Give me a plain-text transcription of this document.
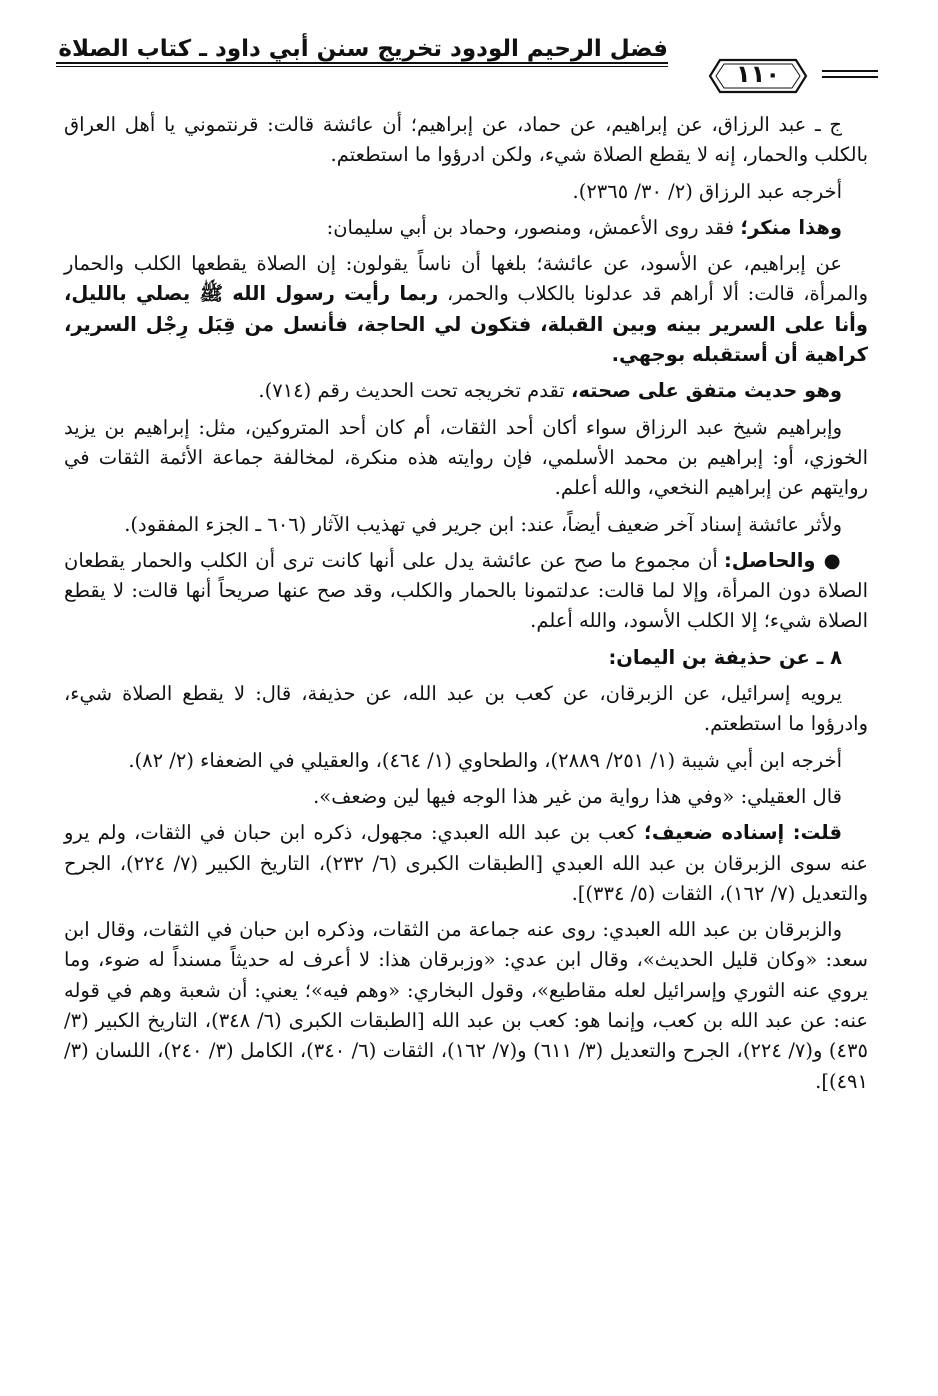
فضل الرحيم الودود تخريج سنن أبي داود ـ كتاب الصلاة
١١٠

ج ـ عبد الرزاق، عن إبراهيم، عن حماد، عن إبراهيم؛ أن عائشة قالت: قرنتموني يا أهل العراق بالكلب والحمار، إنه لا يقطع الصلاة شيء، ولكن ادرؤوا ما استطعتم.

أخرجه عبد الرزاق (٢/ ٣٠/ ٢٣٦٥).

وهذا منكر؛ فقد روى الأعمش، ومنصور، وحماد بن أبي سليمان:

عن إبراهيم، عن الأسود، عن عائشة؛ بلغها أن ناساً يقولون: إن الصلاة يقطعها الكلب والحمار والمرأة، قالت: ألا أراهم قد عدلونا بالكلاب والحمر، ربما رأيت رسول الله ﷺ يصلي بالليل، وأنا على السرير بينه وبين القبلة، فتكون لي الحاجة، فأنسل من قِبَل رِجْل السرير، كراهية أن أستقبله بوجهي.

وهو حديث متفق على صحته، تقدم تخريجه تحت الحديث رقم (٧١٤).

وإبراهيم شيخ عبد الرزاق سواء أكان أحد الثقات، أم كان أحد المتروكين، مثل: إبراهيم بن يزيد الخوزي، أو: إبراهيم بن محمد الأسلمي، فإن روايته هذه منكرة، لمخالفة جماعة الأئمة الثقات في روايتهم عن إبراهيم النخعي، والله أعلم.

ولأثر عائشة إسناد آخر ضعيف أيضاً، عند: ابن جرير في تهذيب الآثار (٦٠٦ ـ الجزء المفقود).

● والحاصل: أن مجموع ما صح عن عائشة يدل على أنها كانت ترى أن الكلب والحمار يقطعان الصلاة دون المرأة، وإلا لما قالت: عدلتمونا بالحمار والكلب، وقد صح عنها صريحاً أنها قالت: لا يقطع الصلاة شيء؛ إلا الكلب الأسود، والله أعلم.

٨ ـ عن حذيفة بن اليمان:

يرويه إسرائيل، عن الزبرقان، عن كعب بن عبد الله، عن حذيفة، قال: لا يقطع الصلاة شيء، وادرؤوا ما استطعتم.

أخرجه ابن أبي شيبة (١/ ٢٥١/ ٢٨٨٩)، والطحاوي (١/ ٤٦٤)، والعقيلي في الضعفاء (٢/ ٨٢).

قال العقيلي: «وفي هذا رواية من غير هذا الوجه فيها لين وضعف».

قلت: إسناده ضعيف؛ كعب بن عبد الله العبدي: مجهول، ذكره ابن حبان في الثقات، ولم يرو عنه سوى الزبرقان بن عبد الله العبدي [الطبقات الكبرى (٦/ ٢٣٢)، التاريخ الكبير (٧/ ٢٢٤)، الجرح والتعديل (٧/ ١٦٢)، الثقات (٥/ ٣٣٤)].

والزبرقان بن عبد الله العبدي: روى عنه جماعة من الثقات، وذكره ابن حبان في الثقات، وقال ابن سعد: «وكان قليل الحديث»، وقال ابن عدي: «وزبرقان هذا: لا أعرف له حديثاً مسنداً له ضوء، وما يروي عنه الثوري وإسرائيل لعله مقاطيع»، وقول البخاري: «وهم فيه»؛ يعني: أن شعبة وهم في قوله عنه: عن عبد الله بن كعب، وإنما هو: كعب بن عبد الله [الطبقات الكبرى (٦/ ٣٤٨)، التاريخ الكبير (٣/ ٤٣٥) و(٧/ ٢٢٤)، الجرح والتعديل (٣/ ٦١١) و(٧/ ١٦٢)، الثقات (٦/ ٣٤٠)، الكامل (٣/ ٢٤٠)، اللسان (٣/ ٤٩١)].
